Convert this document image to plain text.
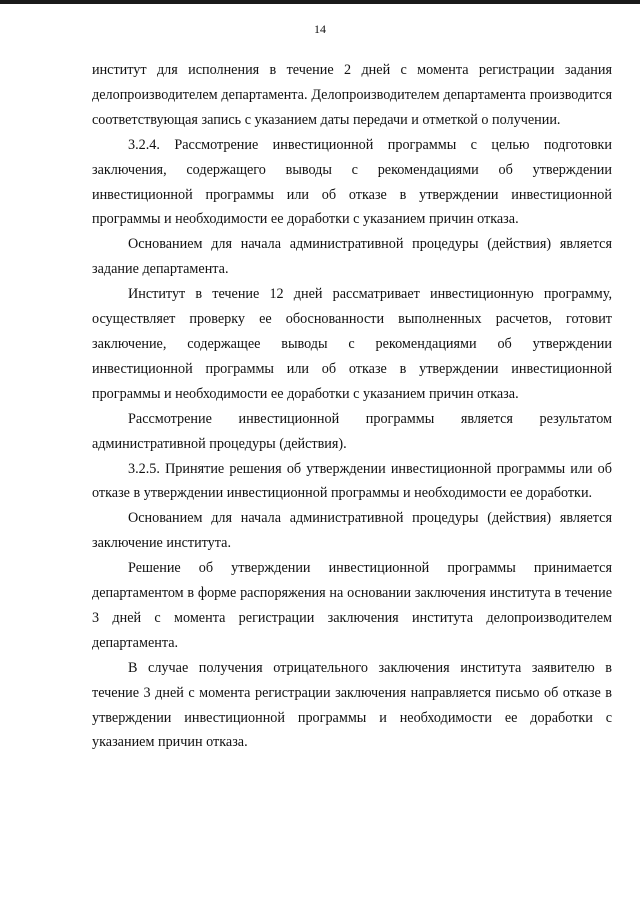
14

институт для исполнения в течение 2 дней с момента регистрации задания делопроизводителем департамента. Делопроизводителем департамента производится соответствующая запись с указанием даты передачи и отметкой о получении.

3.2.4. Рассмотрение инвестиционной программы с целью подготовки заключения, содержащего выводы с рекомендациями об утверждении инвестиционной программы или об отказе в утверждении инвестиционной программы и необходимости ее доработки с указанием причин отказа.

Основанием для начала административной процедуры (действия) является задание департамента.

Институт в течение 12 дней рассматривает инвестиционную программу, осуществляет проверку ее обоснованности выполненных расчетов, готовит заключение, содержащее выводы с рекомендациями об утверждении инвестиционной программы или об отказе в утверждении инвестиционной программы и необходимости ее доработки с указанием причин отказа.

Рассмотрение инвестиционной программы является результатом административной процедуры (действия).

3.2.5. Принятие решения об утверждении инвестиционной программы или об отказе в утверждении инвестиционной программы и необходимости ее доработки.

Основанием для начала административной процедуры (действия) является заключение института.

Решение об утверждении инвестиционной программы принимается департаментом в форме распоряжения на основании заключения института в течение 3 дней с момента регистрации заключения института делопроизводителем департамента.

В случае получения отрицательного заключения института заявителю в течение 3 дней с момента регистрации заключения направляется письмо об отказе в утверждении инвестиционной программы и необходимости ее доработки с указанием причин отказа.
